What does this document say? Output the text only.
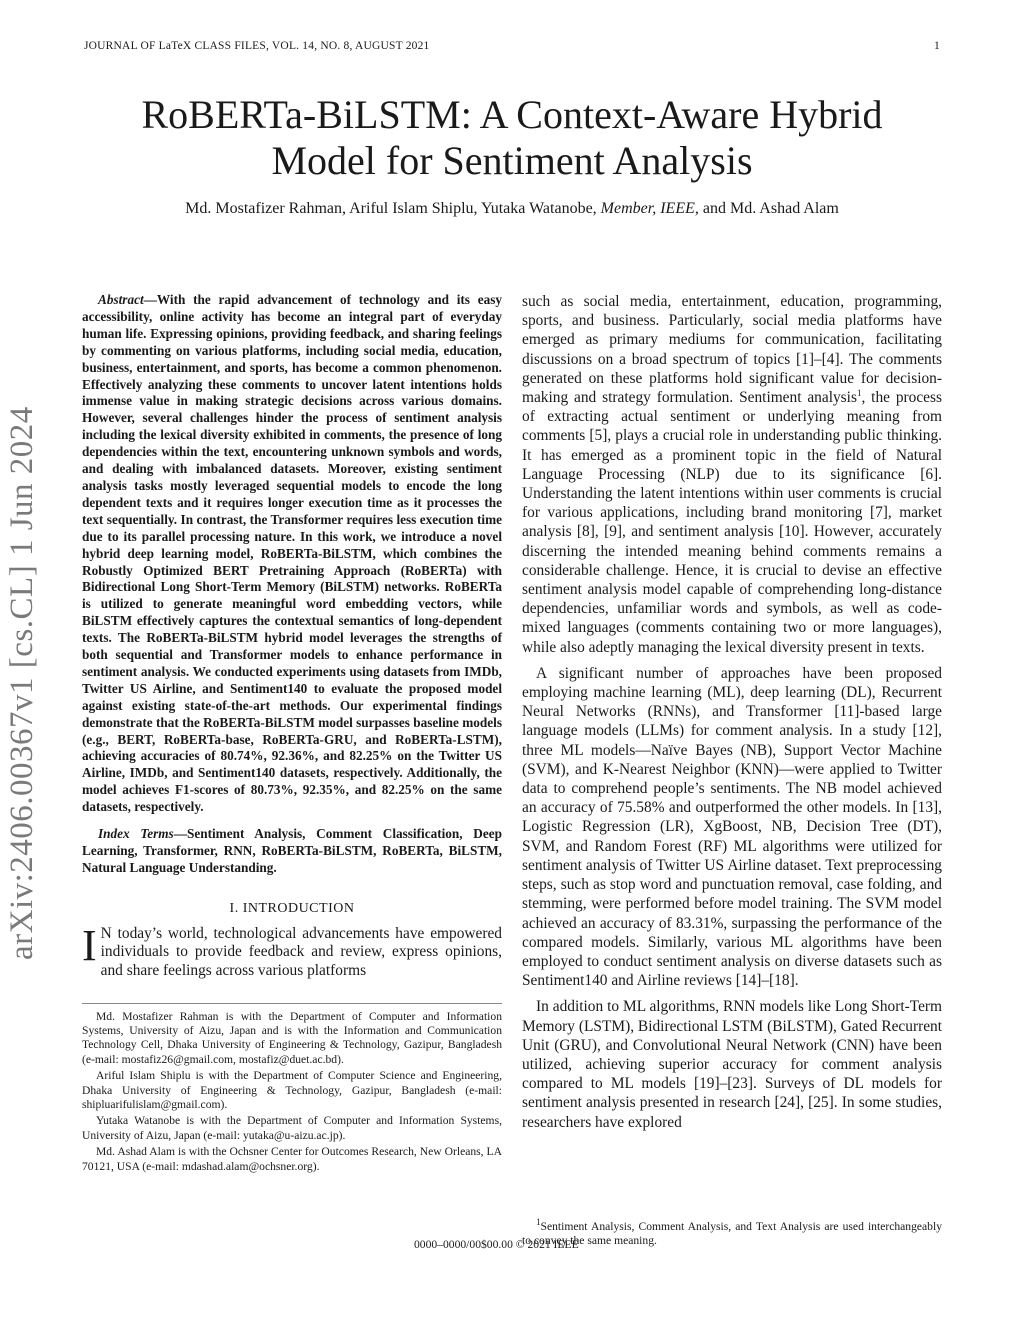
JOURNAL OF LaTeX CLASS FILES, VOL. 14, NO. 8, AUGUST 2021	1
RoBERTa-BiLSTM: A Context-Aware Hybrid
Model for Sentiment Analysis
Md. Mostafizer Rahman, Ariful Islam Shiplu, Yutaka Watanobe, Member, IEEE, and Md. Ashad Alam
arXiv:2406.00367v1 [cs.CL] 1 Jun 2024

Abstract—With the rapid advancement of technology and its easy accessibility, online activity has become an integral part of everyday human life. Expressing opinions, providing feedback, and sharing feelings by commenting on various platforms, including social media, education, business, entertainment, and sports, has become a common phenomenon. Effectively analyzing these comments to uncover latent intentions holds immense value in making strategic decisions across various domains. However, several challenges hinder the process of sentiment analysis including the lexical diversity exhibited in comments, the presence of long dependencies within the text, encountering unknown symbols and words, and dealing with imbalanced datasets. Moreover, existing sentiment analysis tasks mostly leveraged sequential models to encode the long dependent texts and it requires longer execution time as it processes the text sequentially. In contrast, the Transformer requires less execution time due to its parallel processing nature. In this work, we introduce a novel hybrid deep learning model, RoBERTa-BiLSTM, which combines the Robustly Optimized BERT Pretraining Approach (RoBERTa) with Bidirectional Long Short-Term Memory (BiLSTM) networks. RoBERTa is utilized to generate meaningful word embedding vectors, while BiLSTM effectively captures the contextual semantics of long-dependent texts. The RoBERTa-BiLSTM hybrid model leverages the strengths of both sequential and Transformer models to enhance performance in sentiment analysis. We conducted experiments using datasets from IMDb, Twitter US Airline, and Sentiment140 to evaluate the proposed model against existing state-of-the-art methods. Our experimental findings demonstrate that the RoBERTa-BiLSTM model surpasses baseline models (e.g., BERT, RoBERTa-base, RoBERTa-GRU, and RoBERTa-LSTM), achieving accuracies of 80.74%, 92.36%, and 82.25% on the Twitter US Airline, IMDb, and Sentiment140 datasets, respectively. Additionally, the model achieves F1-scores of 80.73%, 92.35%, and 82.25% on the same datasets, respectively.

Index Terms—Sentiment Analysis, Comment Classification, Deep Learning, Transformer, RNN, RoBERTa-BiLSTM, RoBERTa, BiLSTM, Natural Language Understanding.

I. INTRODUCTION

I N today’s world, technological advancements have empowered individuals to provide feedback and review, express opinions, and share feelings across various platforms

Md. Mostafizer Rahman is with the Department of Computer and Information Systems, University of Aizu, Japan and is with the Information and Communication Technology Cell, Dhaka University of Engineering & Technology, Gazipur, Bangladesh (e-mail: mostafiz26@gmail.com, mostafiz@duet.ac.bd).

Ariful Islam Shiplu is with the Department of Computer Science and Engineering, Dhaka University of Engineering & Technology, Gazipur, Bangladesh (e-mail: shipluarifulislam@gmail.com).

Yutaka Watanobe is with the Department of Computer and Information Systems, University of Aizu, Japan (e-mail: yutaka@u-aizu.ac.jp).

Md. Ashad Alam is with the Ochsner Center for Outcomes Research, New Orleans, LA 70121, USA (e-mail: mdashad.alam@ochsner.org).

such as social media, entertainment, education, programming, sports, and business. Particularly, social media platforms have emerged as primary mediums for communication, facilitating discussions on a broad spectrum of topics [1]–[4]. The comments generated on these platforms hold significant value for decision-making and strategy formulation. Sentiment analysis$^1$, the process of extracting actual sentiment or underlying meaning from comments [5], plays a crucial role in understanding public thinking. It has emerged as a prominent topic in the field of Natural Language Processing (NLP) due to its significance [6]. Understanding the latent intentions within user comments is crucial for various applications, including brand monitoring [7], market analysis [8], [9], and sentiment analysis [10]. However, accurately discerning the intended meaning behind comments remains a considerable challenge. Hence, it is crucial to devise an effective sentiment analysis model capable of comprehending long-distance dependencies, unfamiliar words and symbols, as well as code-mixed languages (comments containing two or more languages), while also adeptly managing the lexical diversity present in texts.

A significant number of approaches have been proposed employing machine learning (ML), deep learning (DL), Recurrent Neural Networks (RNNs), and Transformer [11]-based large language models (LLMs) for comment analysis. In a study [12], three ML models—Naïve Bayes (NB), Support Vector Machine (SVM), and K-Nearest Neighbor (KNN)—were applied to Twitter data to comprehend people’s sentiments. The NB model achieved an accuracy of 75.58% and outperformed the other models. In [13], Logistic Regression (LR), XgBoost, NB, Decision Tree (DT), SVM, and Random Forest (RF) ML algorithms were utilized for sentiment analysis of Twitter US Airline dataset. Text preprocessing steps, such as stop word and punctuation removal, case folding, and stemming, were performed before model training. The SVM model achieved an accuracy of 83.31%, surpassing the performance of the compared models. Similarly, various ML algorithms have been employed to conduct sentiment analysis on diverse datasets such as Sentiment140 and Airline reviews [14]–[18].

In addition to ML algorithms, RNN models like Long Short-Term Memory (LSTM), Bidirectional LSTM (BiLSTM), Gated Recurrent Unit (GRU), and Convolutional Neural Network (CNN) have been utilized, achieving superior accuracy for comment analysis compared to ML models [19]–[23]. Surveys of DL models for sentiment analysis presented in research [24], [25]. In some studies, researchers have explored

$^1$Sentiment Analysis, Comment Analysis, and Text Analysis are used interchangeably to convey the same meaning.
0000–0000/00$00.00 © 2021 IEEE
